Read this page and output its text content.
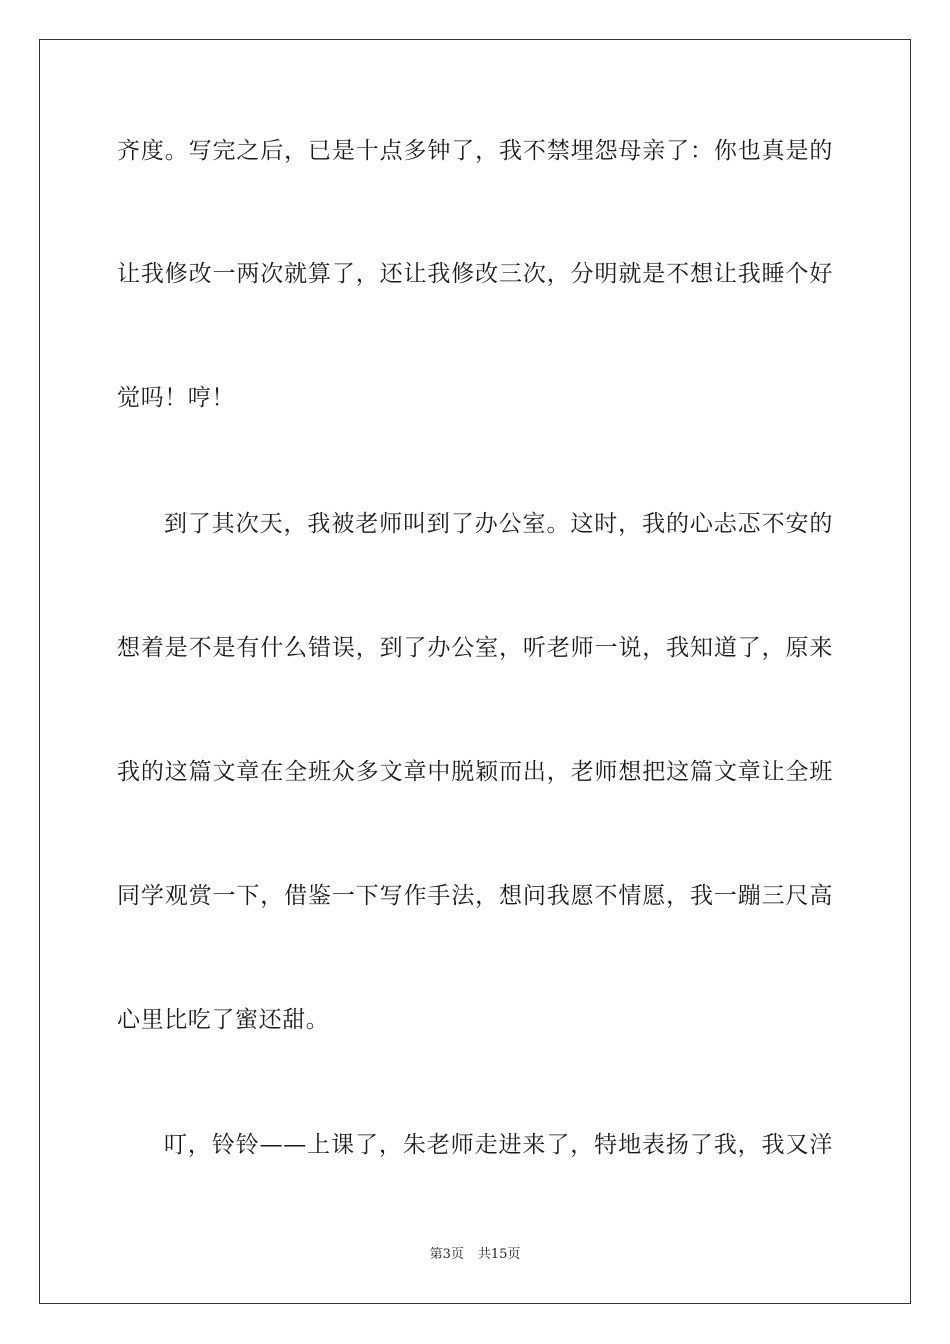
齐度。写完之后，已是十点多钟了，我不禁埋怨母亲了：你也真是的
让我修改一两次就算了，还让我修改三次，分明就是不想让我睡个好
觉吗！哼！
到了其次天，我被老师叫到了办公室。这时，我的心忐忑不安的
想着是不是有什么错误，到了办公室，听老师一说，我知道了，原来
我的这篇文章在全班众多文章中脱颖而出，老师想把这篇文章让全班
同学观赏一下，借鉴一下写作手法，想问我愿不情愿，我一蹦三尺高
心里比吃了蜜还甜。
叮，铃铃——上课了，朱老师走进来了，特地表扬了我，我又洋
第3页 共15页
